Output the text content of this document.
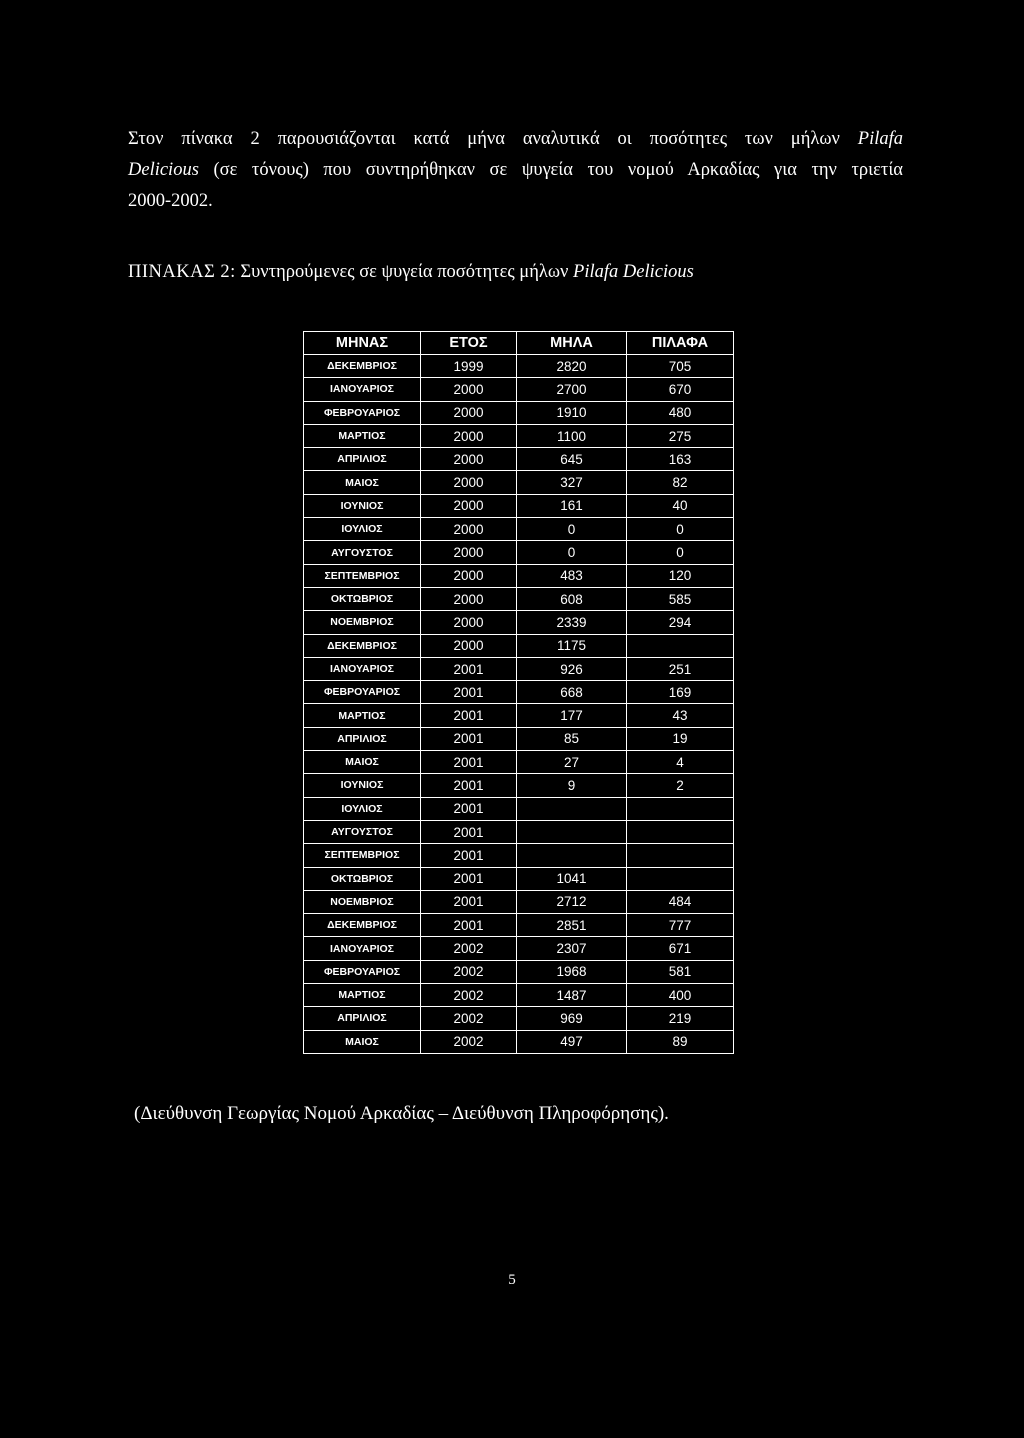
Στον πίνακα 2 παρουσιάζονται κατά μήνα αναλυτικά οι ποσότητες των μήλων Pilafa
Delicious (σε τόνους) που συντηρήθηκαν σε ψυγεία του νομού Αρκαδίας για την τριετία
2000-2002.
ΠΙΝΑΚΑΣ 2: Συντηρούμενες σε ψυγεία ποσότητες μήλων Pilafa Delicious
ΜΗΝΑΣ	ΕΤΟΣ	ΜΗΛΑ	ΠΙΛΑΦΑ
ΔΕΚΕΜΒΡΙΟΣ	1999	2820	705
ΙΑΝΟΥΑΡΙΟΣ	2000	2700	670
ΦΕΒΡΟΥΑΡΙΟΣ	2000	1910	480
ΜΑΡΤΙΟΣ	2000	1100	275
ΑΠΡΙΛΙΟΣ	2000	645	163
ΜΑΙΟΣ	2000	327	82
ΙΟΥΝΙΟΣ	2000	161	40
ΙΟΥΛΙΟΣ	2000	0	0
ΑΥΓΟΥΣΤΟΣ	2000	0	0
ΣΕΠΤΕΜΒΡΙΟΣ	2000	483	120
ΟΚΤΩΒΡΙΟΣ	2000	608	585
ΝΟΕΜΒΡΙΟΣ	2000	2339	294
ΔΕΚΕΜΒΡΙΟΣ	2000	1175	
ΙΑΝΟΥΑΡΙΟΣ	2001	926	251
ΦΕΒΡΟΥΑΡΙΟΣ	2001	668	169
ΜΑΡΤΙΟΣ	2001	177	43
ΑΠΡΙΛΙΟΣ	2001	85	19
ΜΑΙΟΣ	2001	27	4
ΙΟΥΝΙΟΣ	2001	9	2
ΙΟΥΛΙΟΣ	2001		
ΑΥΓΟΥΣΤΟΣ	2001		
ΣΕΠΤΕΜΒΡΙΟΣ	2001		
ΟΚΤΩΒΡΙΟΣ	2001	1041	
ΝΟΕΜΒΡΙΟΣ	2001	2712	484
ΔΕΚΕΜΒΡΙΟΣ	2001	2851	777
ΙΑΝΟΥΑΡΙΟΣ	2002	2307	671
ΦΕΒΡΟΥΑΡΙΟΣ	2002	1968	581
ΜΑΡΤΙΟΣ	2002	1487	400
ΑΠΡΙΛΙΟΣ	2002	969	219
ΜΑΙΟΣ	2002	497	89
(Διεύθυνση Γεωργίας Νομού Αρκαδίας – Διεύθυνση Πληροφόρησης).
5
